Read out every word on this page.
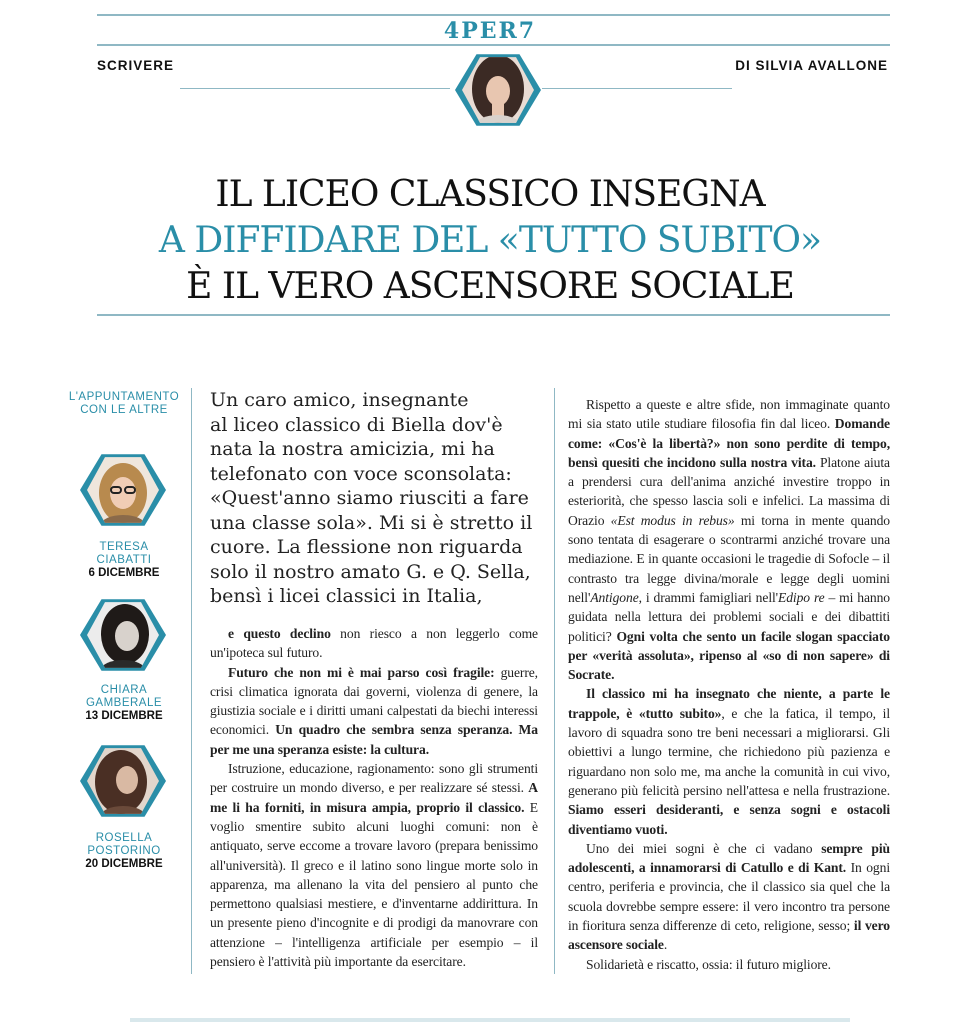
4PER7
SCRIVERE	DI SILVIA AVALLONE
IL LICEO CLASSICO INSEGNA
A DIFFIDARE DEL «TUTTO SUBITO»
È IL VERO ASCENSORE SOCIALE
L'APPUNTAMENTO
CON LE ALTRE
TERESA
CIABATTI
6 DICEMBRE
CHIARA
GAMBERALE
13 DICEMBRE
ROSELLA
POSTORINO
20 DICEMBRE
Un caro amico, insegnante
al liceo classico di Biella dov'è
nata la nostra amicizia, mi ha
telefonato con voce sconsolata:
«Quest'anno siamo riusciti a fare
una classe sola». Mi si è stretto il
cuore. La flessione non riguarda
solo il nostro amato G. e Q. Sella,
bensì i licei classici in Italia,

e questo declino non riesco a non leggerlo come un'ipoteca sul futuro.

Futuro che non mi è mai parso così fragile: guerre, crisi climatica ignorata dai governi, violenza di genere, la giustizia sociale e i diritti umani calpestati da biechi interessi economici. Un quadro che sembra senza speranza. Ma per me una speranza esiste: la cultura.

Istruzione, educazione, ragionamento: sono gli strumenti per costruire un mondo diverso, e per realizzare sé stessi. A me li ha forniti, in misura ampia, proprio il classico. E voglio smentire subito alcuni luoghi comuni: non è antiquato, serve eccome a trovare lavoro (prepara benissimo all'università). Il greco e il latino sono lingue morte solo in apparenza, ma allenano la vita del pensiero al punto che permettono qualsiasi mestiere, e d'inventarne addirittura. In un presente pieno d'incognite e di prodigi da manovrare con attenzione – l'intelligenza artificiale per esempio – il pensiero è l'attività più importante da esercitare.

Rispetto a queste e altre sfide, non immaginate quanto mi sia stato utile studiare filosofia fin dal liceo. Domande come: «Cos'è la libertà?» non sono perdite di tempo, bensì quesiti che incidono sulla nostra vita. Platone aiuta a prendersi cura dell'anima anziché investire troppo in esteriorità, che spesso lascia soli e infelici. La massima di Orazio «Est modus in rebus» mi torna in mente quando sono tentata di esagerare o scontrarmi anziché trovare una mediazione. E in quante occasioni le tragedie di Sofocle – il contrasto tra legge divina/morale e legge degli uomini nell'Antigone, i drammi famigliari nell'Edipo re – mi hanno guidata nella lettura dei problemi sociali e dei dibattiti politici? Ogni volta che sento un facile slogan spacciato per «verità assoluta», ripenso al «so di non sapere» di Socrate.

Il classico mi ha insegnato che niente, a parte le trappole, è «tutto subito», e che la fatica, il tempo, il lavoro di squadra sono tre beni necessari a migliorarsi. Gli obiettivi a lungo termine, che richiedono più pazienza e riguardano non solo me, ma anche la comunità in cui vivo, generano più felicità persino nell'attesa e nella frustrazione. Siamo esseri desideranti, e senza sogni e ostacoli diventiamo vuoti.

Uno dei miei sogni è che ci vadano sempre più adolescenti, a innamorarsi di Catullo e di Kant. In ogni centro, periferia e provincia, che il classico sia quel che la scuola dovrebbe sempre essere: il vero incontro tra persone in fioritura senza differenze di ceto, religione, sesso; il vero ascensore sociale.

Solidarietà e riscatto, ossia: il futuro migliore.
